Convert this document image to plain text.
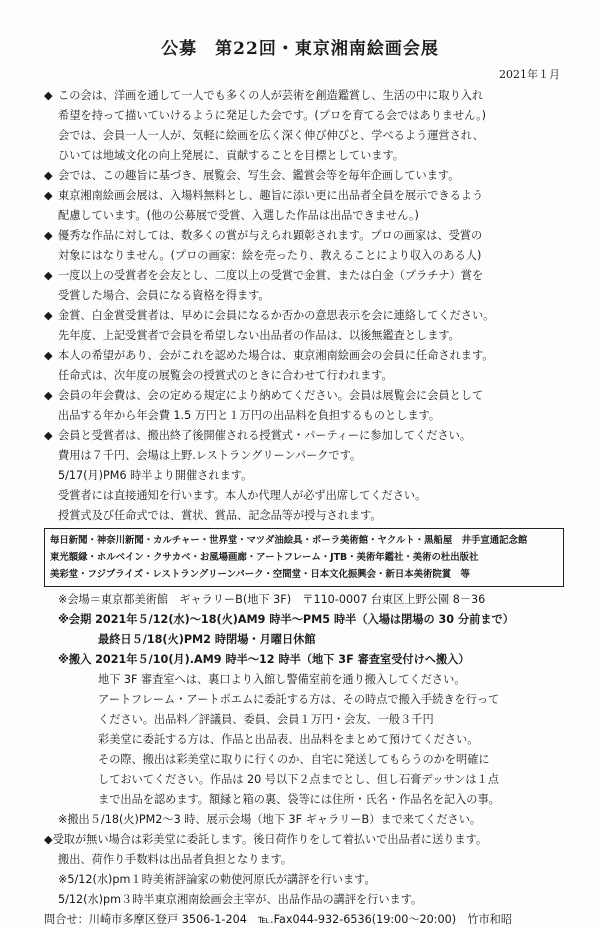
公募　第22回・東京湘南絵画会展
2021年１月
◆ この会は、洋画を通して一人でも多くの人が芸術を創造鑑賞し、生活の中に取り入れ
希望を持って描いていけるように発足した会です。(プロを育てる会ではありません。)
会では、会員一人一人が、気軽に絵画を広く深く伸び伸びと、学べるよう運営され、
ひいては地域文化の向上発展に、貢献することを目標としています。
◆ 会では、この趣旨に基づき、展覧会、写生会、鑑賞会等を毎年企画しています。
◆ 東京湘南絵画会展は、入場料無料とし、趣旨に添い更に出品者全員を展示できるよう
配慮しています。(他の公募展で受賞、入選した作品は出品できません。)
◆ 優秀な作品に対しては、数多くの賞が与えられ顕彰されます。プロの画家は、受賞の
対象にはなりません。(プロの画家：絵を売ったり、教えることにより収入のある人)
◆ 一度以上の受賞者を会友とし、二度以上の受賞で金賞、または白金（プラチナ）賞を
受賞した場合、会員になる資格を得ます。
◆ 金賞、白金賞受賞者は、早めに会員になるか否かの意思表示を会に連絡してください。
先年度、上記受賞者で会員を希望しない出品者の作品は、以後無鑑査とします。
◆ 本人の希望があり、会がこれを認めた場合は、東京湘南絵画会の会員に任命されます。
任命式は、次年度の展覧会の授賞式のときに合わせて行われます。
◆ 会員の年会費は、会の定める規定により納めてください。会員は展覧会に会員として
出品する年から年会費 1.5 万円と１万円の出品料を負担するものとします。
◆ 会員と受賞者は、搬出終了後開催される授賞式・パーティーに参加してください。
費用は７千円、会場は上野.レストラングリーンパークです。
5/17(月)PM6 時半より開催されます。
受賞者には直接通知を行います。本人か代理人が必ず出席してください。
授賞式及び任命式では、賞状、賞品、記念品等が授与されます。
毎日新聞・神奈川新聞・カルチャー・世界堂・マツダ油絵具・ポーラ美術館・ヤクルト・黒船屋　井手宣通記念館
東光額縁・ホルベイン・クサカベ・お風場画廊・アートフレーム・JTB・美術年鑑社・美術の杜出版社
美彩堂・フジプライズ・レストラングリーンパーク・空間堂・日本文化振興会・新日本美術院賞　等
※会場＝東京都美術館　ギャラリーB(地下 3F)　〒110-0007 台東区上野公園 8－36
※会期 2021年５/12(水)～18(火)AM9 時半～PM5 時半（入場は閉場の 30 分前まで）
最終日５/18(火)PM2 時閉場・月曜日休館
※搬入 2021年５/10(月).AM9 時半～12 時半（地下 3F 審査室受付けへ搬入）
地下 3F 審査室へは、裏口より入館し警備室前を通り搬入してください。
アートフレーム・アートポエムに委託する方は、その時点で搬入手続きを行って
ください。出品料／評議員、委員、会員１万円・会友、一般３千円
彩美堂に委託する方は、作品と出品表、出品料をまとめて預けてください。
その際、搬出は彩美堂に取りに行くのか、自宅に発送してもらうのかを明確に
しておいてください。作品は 20 号以下２点までとし、但し石膏デッサンは１点
まで出品を認めます。額縁と箱の裏、袋等には住所・氏名・作品名を記入の事。
※搬出５/18(火)PM2～3 時、展示会場（地下 3F ギャラリーB）まで来てください。
◆受取が無い場合は彩美堂に委託します。後日荷作りをして着払いで出品者に送ります。
搬出、荷作り手数料は出品者負担となります。
※5/12(水)pm１時美術評論家の勅使河原氏が講評を行います。
5/12(水)pm３時半東京湘南絵画会主宰が、出品作品の講評を行います。
問合せ：川崎市多摩区登戸 3506-1-204　℡.Fax044-932-6536(19:00～20:00)　竹市和昭
